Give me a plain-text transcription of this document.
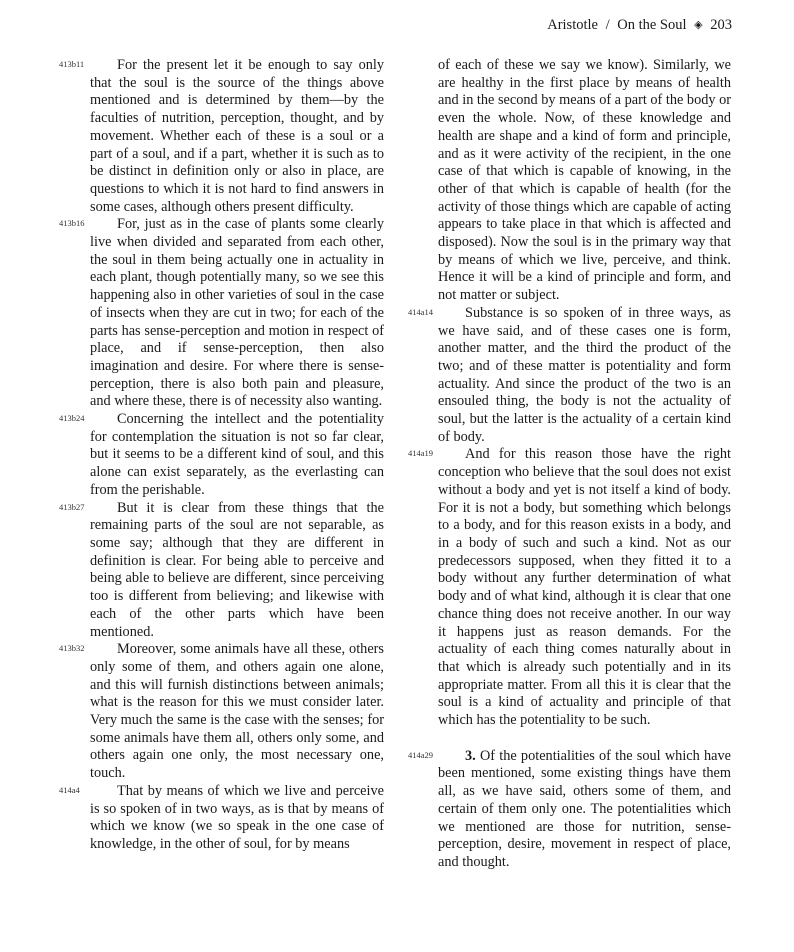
Aristotle / On the Soul ◈ 203

413b11 For the present let it be enough to say only that the soul is the source of the things above mentioned and is determined by them—by the faculties of nutrition, perception, thought, and by movement. Whether each of these is a soul or a part of a soul, and if a part, whether it is such as to be distinct in definition only or also in place, are questions to which it is not hard to find answers in some cases, although others present difficulty.

413b16 For, just as in the case of plants some clearly live when divided and separated from each other, the soul in them being actually one in actuality in each plant, though potentially many, so we see this happening also in other varieties of soul in the case of insects when they are cut in two; for each of the parts has sense-perception and motion in respect of place, and if sense-perception, then also imagination and desire. For where there is sense-perception, there is also both pain and pleasure, and where these, there is of necessity also wanting.

413b24 Concerning the intellect and the potentiality for contemplation the situation is not so far clear, but it seems to be a different kind of soul, and this alone can exist separately, as the everlasting can from the perishable.

413b27 But it is clear from these things that the remaining parts of the soul are not separable, as some say; although that they are different in definition is clear. For being able to perceive and being able to believe are different, since perceiving too is different from believing; and likewise with each of the other parts which have been mentioned.

413b32 Moreover, some animals have all these, others only some of them, and others again one alone, and this will furnish distinctions between animals; what is the reason for this we must consider later. Very much the same is the case with the senses; for some animals have them all, others only some, and others again one only, the most necessary one, touch.

414a4	That by means of which we live and perceive is so spoken of in two ways, as is that by means of which we know (we so speak in the one case of knowledge, in the other of soul, for by means

of each of these we say we know). Similarly, we are healthy in the first place by means of health and in the second by means of a part of the body or even the whole. Now, of these knowledge and health are shape and a kind of form and principle, and as it were activity of the recipient, in the one case of that which is capable of knowing, in the other of that which is capable of health (for the activity of those things which are capable of acting appears to take place in that which is affected and disposed). Now the soul is in the primary way that by means of which we live, perceive, and think. Hence it will be a kind of principle and form, and not matter or subject.

414a14 Substance is so spoken of in three ways, as we have said, and of these cases one is form, another matter, and the third the product of the two; and of these matter is potentiality and form actuality. And since the product of the two is an ensouled thing, the body is not the actuality of soul, but the latter is the actuality of a certain kind of body.

414a19 And for this reason those have the right conception who believe that the soul does not exist without a body and yet is not itself a kind of body. For it is not a body, but something which belongs to a body, and for this reason exists in a body, and in a body of such and such a kind. Not as our predecessors supposed, when they fitted it to a body without any further determination of what body and of what kind, although it is clear that one chance thing does not receive another. In our way it happens just as reason demands. For the actuality of each thing comes naturally about in that which is already such potentially and in its appropriate matter. From all this it is clear that the soul is a kind of actuality and principle of that which has the potentiality to be such.

414a29 3. Of the potentialities of the soul which have been mentioned, some existing things have them all, as we have said, others some of them, and certain of them only one. The potentialities which we mentioned are those for nutrition, sense-perception, desire, movement in respect of place, and thought.
